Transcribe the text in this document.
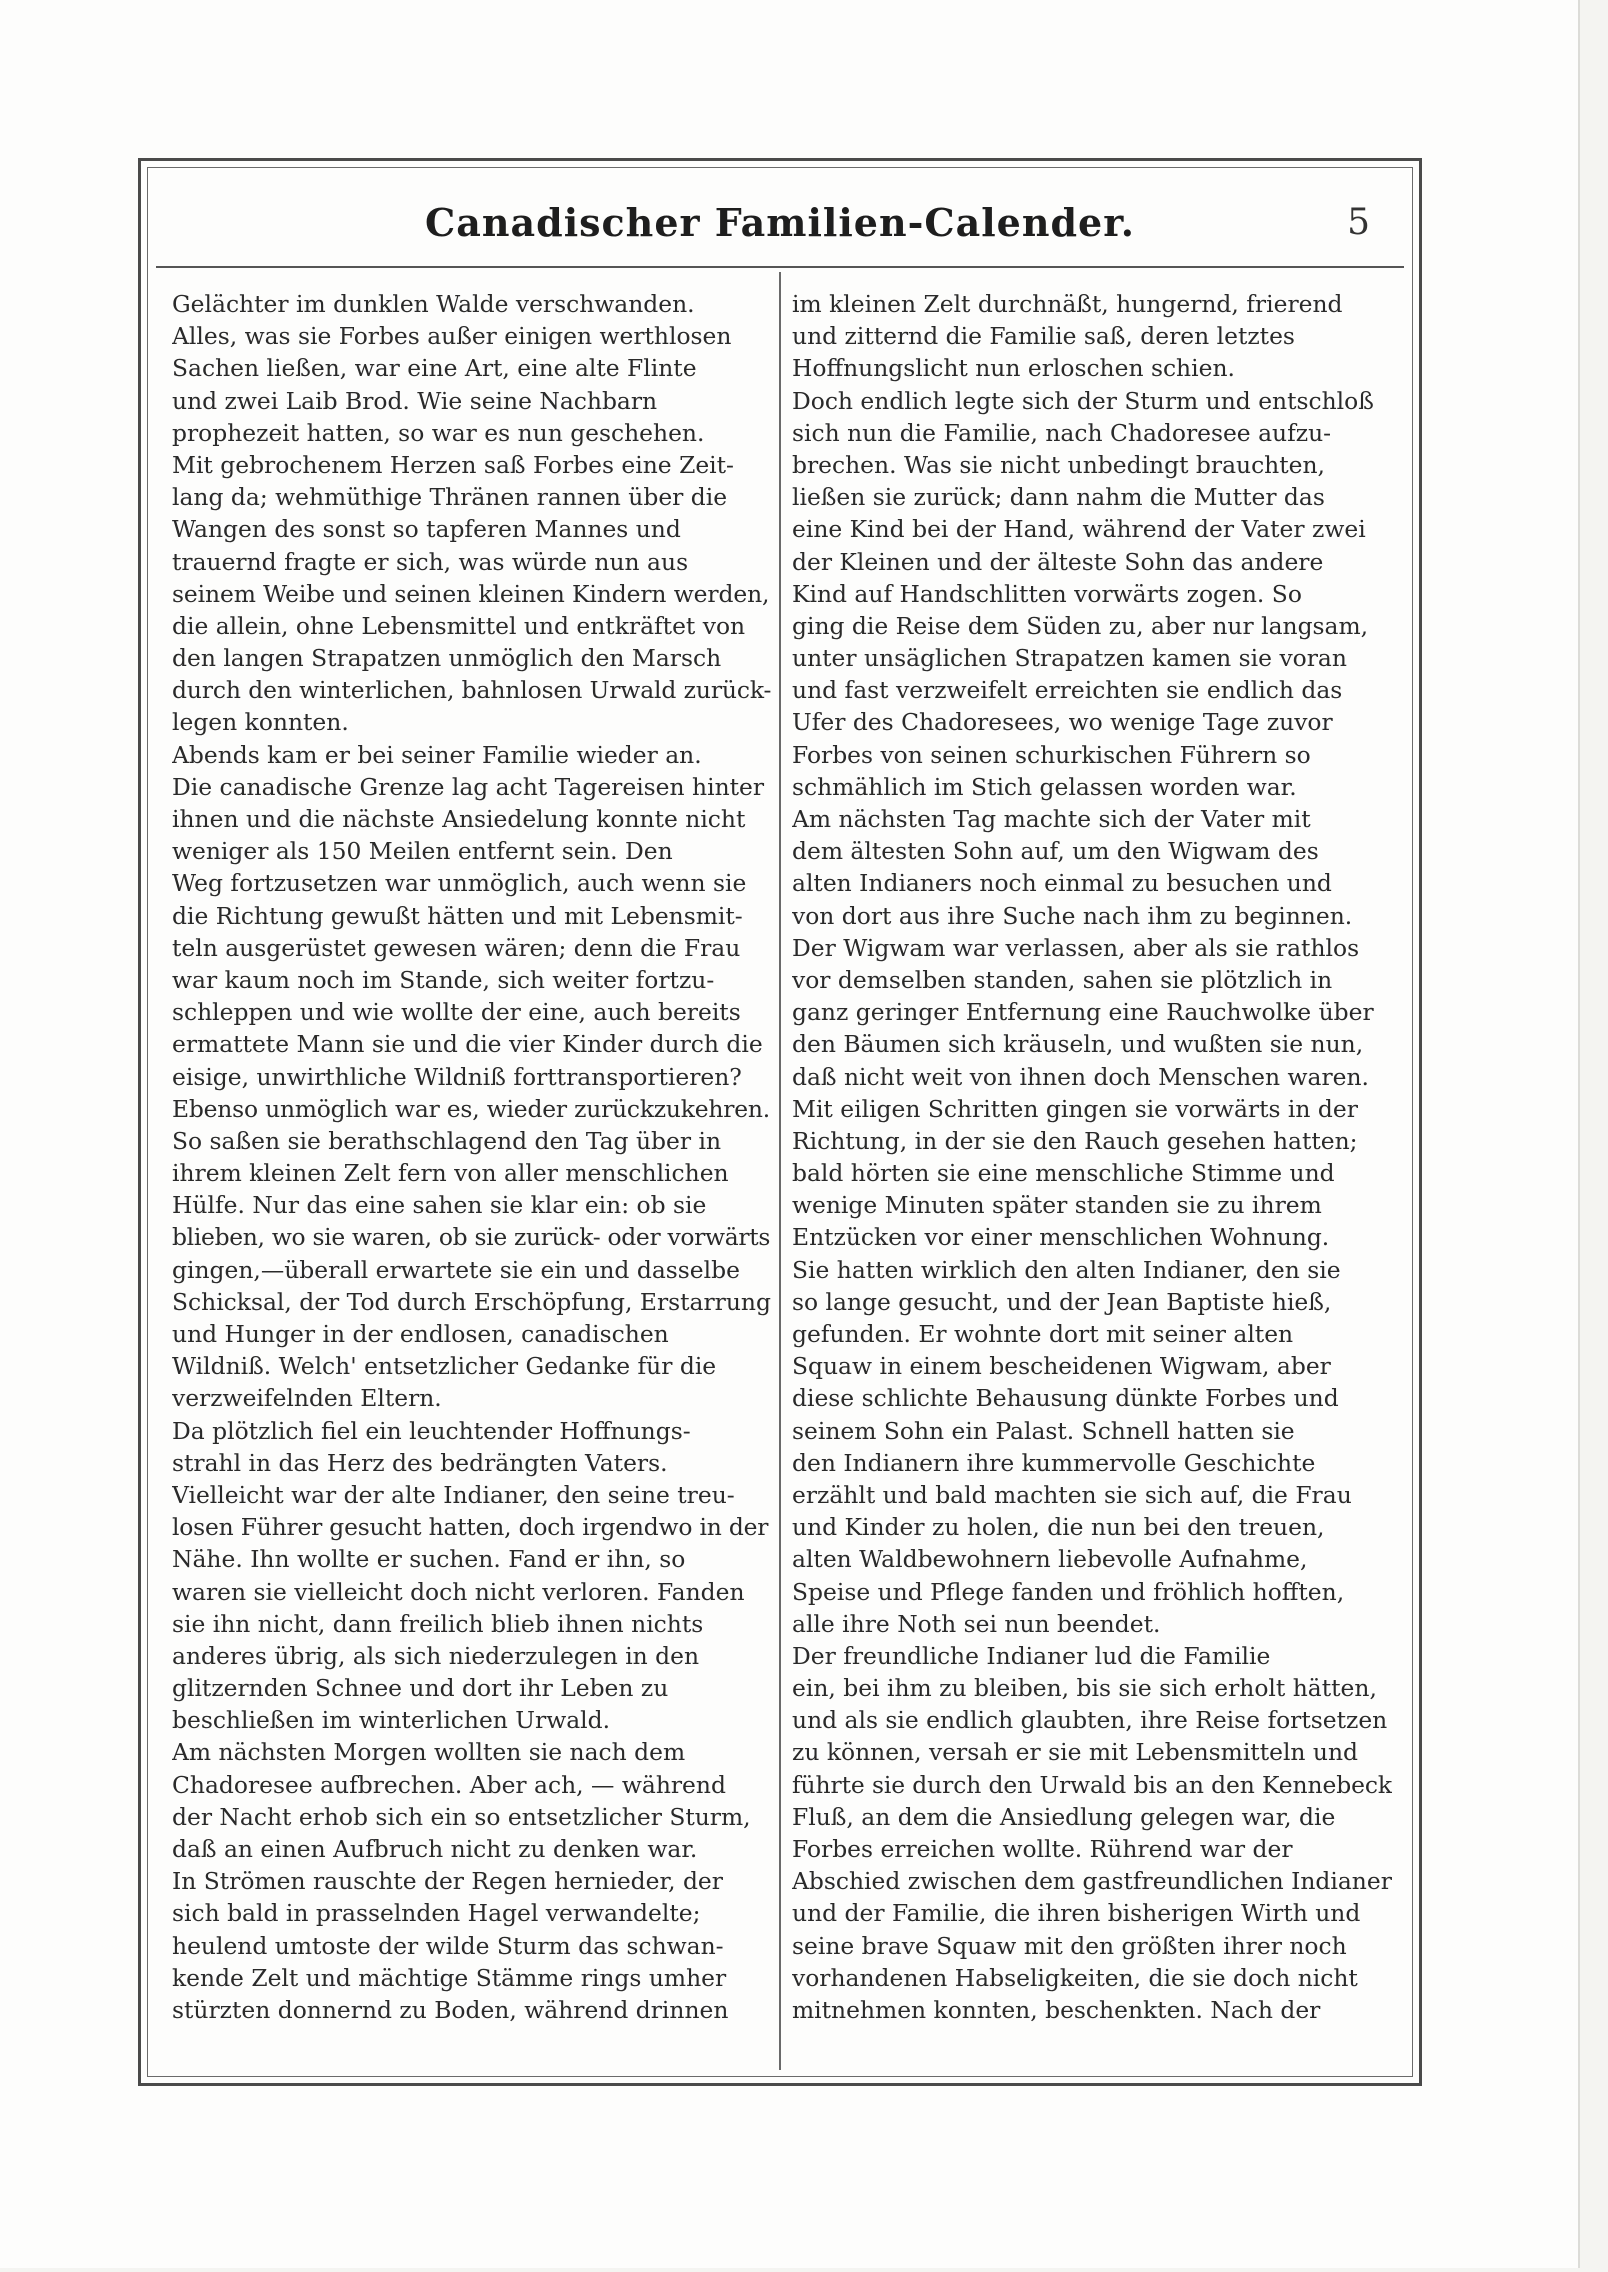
Canadischer Familien-Calender.	5
Gelächter im dunklen Walde verschwanden.
Alles, was sie Forbes außer einigen werthlosen
Sachen ließen, war eine Art, eine alte Flinte
und zwei Laib Brod. Wie seine Nachbarn
prophezeit hatten, so war es nun geschehen.
Mit gebrochenem Herzen saß Forbes eine Zeit-
lang da; wehmüthige Thränen rannen über die
Wangen des sonst so tapferen Mannes und
trauernd fragte er sich, was würde nun aus
seinem Weibe und seinen kleinen Kindern werden,
die allein, ohne Lebensmittel und entkräftet von
den langen Strapatzen unmöglich den Marsch
durch den winterlichen, bahnlosen Urwald zurück-
legen konnten.
Abends kam er bei seiner Familie wieder an.
Die canadische Grenze lag acht Tagereisen hinter
ihnen und die nächste Ansiedelung konnte nicht
weniger als 150 Meilen entfernt sein. Den
Weg fortzusetzen war unmöglich, auch wenn sie
die Richtung gewußt hätten und mit Lebensmit-
teln ausgerüstet gewesen wären; denn die Frau
war kaum noch im Stande, sich weiter fortzu-
schleppen und wie wollte der eine, auch bereits
ermattete Mann sie und die vier Kinder durch die
eisige, unwirthliche Wildniß forttransportieren?
Ebenso unmöglich war es, wieder zurückzukehren.
So saßen sie berathschlagend den Tag über in
ihrem kleinen Zelt fern von aller menschlichen
Hülfe. Nur das eine sahen sie klar ein: ob sie
blieben, wo sie waren, ob sie zurück- oder vorwärts
gingen,—überall erwartete sie ein und dasselbe
Schicksal, der Tod durch Erschöpfung, Erstarrung
und Hunger in der endlosen, canadischen
Wildniß. Welch' entsetzlicher Gedanke für die
verzweifelnden Eltern.
Da plötzlich fiel ein leuchtender Hoffnungs-
strahl in das Herz des bedrängten Vaters.
Vielleicht war der alte Indianer, den seine treu-
losen Führer gesucht hatten, doch irgendwo in der
Nähe. Ihn wollte er suchen. Fand er ihn, so
waren sie vielleicht doch nicht verloren. Fanden
sie ihn nicht, dann freilich blieb ihnen nichts
anderes übrig, als sich niederzulegen in den
glitzernden Schnee und dort ihr Leben zu
beschließen im winterlichen Urwald.
Am nächsten Morgen wollten sie nach dem
Chadoresee aufbrechen. Aber ach, — während
der Nacht erhob sich ein so entsetzlicher Sturm,
daß an einen Aufbruch nicht zu denken war.
In Strömen rauschte der Regen hernieder, der
sich bald in prasselnden Hagel verwandelte;
heulend umtoste der wilde Sturm das schwan-
kende Zelt und mächtige Stämme rings umher
stürzten donnernd zu Boden, während drinnen
im kleinen Zelt durchnäßt, hungernd, frierend
und zitternd die Familie saß, deren letztes
Hoffnungslicht nun erloschen schien.
Doch endlich legte sich der Sturm und entschloß
sich nun die Familie, nach Chadoresee aufzu-
brechen. Was sie nicht unbedingt brauchten,
ließen sie zurück; dann nahm die Mutter das
eine Kind bei der Hand, während der Vater zwei
der Kleinen und der älteste Sohn das andere
Kind auf Handschlitten vorwärts zogen. So
ging die Reise dem Süden zu, aber nur langsam,
unter unsäglichen Strapatzen kamen sie voran
und fast verzweifelt erreichten sie endlich das
Ufer des Chadoresees, wo wenige Tage zuvor
Forbes von seinen schurkischen Führern so
schmählich im Stich gelassen worden war.
Am nächsten Tag machte sich der Vater mit
dem ältesten Sohn auf, um den Wigwam des
alten Indianers noch einmal zu besuchen und
von dort aus ihre Suche nach ihm zu beginnen.
Der Wigwam war verlassen, aber als sie rathlos
vor demselben standen, sahen sie plötzlich in
ganz geringer Entfernung eine Rauchwolke über
den Bäumen sich kräuseln, und wußten sie nun,
daß nicht weit von ihnen doch Menschen waren.
Mit eiligen Schritten gingen sie vorwärts in der
Richtung, in der sie den Rauch gesehen hatten;
bald hörten sie eine menschliche Stimme und
wenige Minuten später standen sie zu ihrem
Entzücken vor einer menschlichen Wohnung.
Sie hatten wirklich den alten Indianer, den sie
so lange gesucht, und der Jean Baptiste hieß,
gefunden. Er wohnte dort mit seiner alten
Squaw in einem bescheidenen Wigwam, aber
diese schlichte Behausung dünkte Forbes und
seinem Sohn ein Palast. Schnell hatten sie
den Indianern ihre kummervolle Geschichte
erzählt und bald machten sie sich auf, die Frau
und Kinder zu holen, die nun bei den treuen,
alten Waldbewohnern liebevolle Aufnahme,
Speise und Pflege fanden und fröhlich hofften,
alle ihre Noth sei nun beendet.
Der freundliche Indianer lud die Familie
ein, bei ihm zu bleiben, bis sie sich erholt hätten,
und als sie endlich glaubten, ihre Reise fortsetzen
zu können, versah er sie mit Lebensmitteln und
führte sie durch den Urwald bis an den Kennebeck
Fluß, an dem die Ansiedlung gelegen war, die
Forbes erreichen wollte. Rührend war der
Abschied zwischen dem gastfreundlichen Indianer
und der Familie, die ihren bisherigen Wirth und
seine brave Squaw mit den größten ihrer noch
vorhandenen Habseligkeiten, die sie doch nicht
mitnehmen konnten, beschenkten. Nach der
